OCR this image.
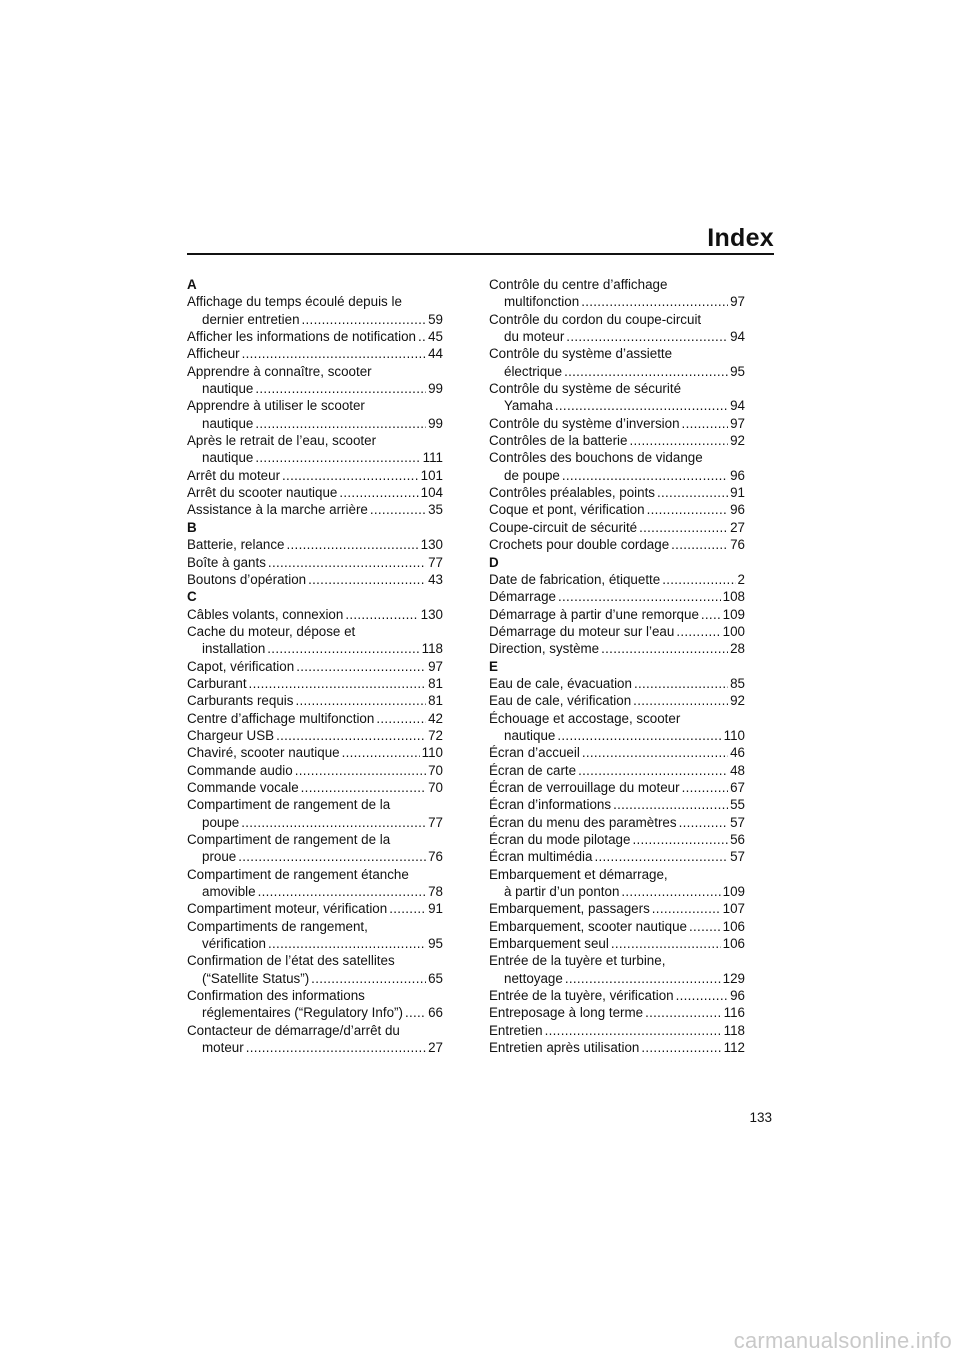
Index
A
Affichage du temps écoulé depuis le
dernier entretien .....	59
Afficher les informations de notification ..... 45
Afficheur .....	44
Apprendre à connaître, scooter
nautique .....	99
Apprendre à utiliser le scooter
nautique .....	99
Après le retrait de l’eau, scooter
nautique .....	111
Arrêt du moteur .....	101
Arrêt du scooter nautique .....	104
Assistance à la marche arrière .....	35
B
Batterie, relance .....	130
Boîte à gants .....	77
Boutons d’opération .....	43
C
Câbles volants, connexion .....	130
Cache du moteur, dépose et
installation .....	118
Capot, vérification .....	97
Carburant .....	81
Carburants requis .....	81
Centre d’affichage multifonction .....	42
Chargeur USB .....	72
Chaviré, scooter nautique .....	110
Commande audio .....	70
Commande vocale .....	70
Compartiment de rangement de la
poupe .....	77
Compartiment de rangement de la
proue .....	76
Compartiment de rangement étanche
amovible .....	78
Compartiment moteur, vérification .....	91
Compartiments de rangement,
vérification .....	95
Confirmation de l’état des satellites
(“Satellite Status”) .....	65
Confirmation des informations
réglementaires (“Regulatory Info”) ..... 66
Contacteur de démarrage/d’arrêt du
moteur .....	27
Contrôle du centre d’affichage
multifonction .....	97
Contrôle du cordon du coupe-circuit
du moteur .....	94
Contrôle du système d’assiette
électrique .....	95
Contrôle du système de sécurité
Yamaha .....	94
Contrôle du système d’inversion .....	97
Contrôles de la batterie .....	92
Contrôles des bouchons de vidange
de poupe .....	96
Contrôles préalables, points .....	91
Coque et pont, vérification .....	96
Coupe-circuit de sécurité .....	27
Crochets pour double cordage .....	76
D
Date de fabrication, étiquette .....	2
Démarrage .....	108
Démarrage à partir d’une remorque ..... 109
Démarrage du moteur sur l’eau .....	100
Direction, système .....	28
E
Eau de cale, évacuation .....	85
Eau de cale, vérification .....	92
Échouage et accostage, scooter
nautique .....	110
Écran d’accueil .....	46
Écran de carte .....	48
Écran de verrouillage du moteur .....	67
Écran d’informations .....	55
Écran du menu des paramètres .....	57
Écran du mode pilotage .....	56
Écran multimédia .....	57
Embarquement et démarrage,
à partir d’un ponton .....	109
Embarquement, passagers .....	107
Embarquement, scooter nautique .....	106
Embarquement seul .....	106
Entrée de la tuyère et turbine,
nettoyage .....	129
Entrée de la tuyère, vérification .....	96
Entreposage à long terme .....	116
Entretien .....	118
Entretien après utilisation .....	112
133
carmanualsonline.info
